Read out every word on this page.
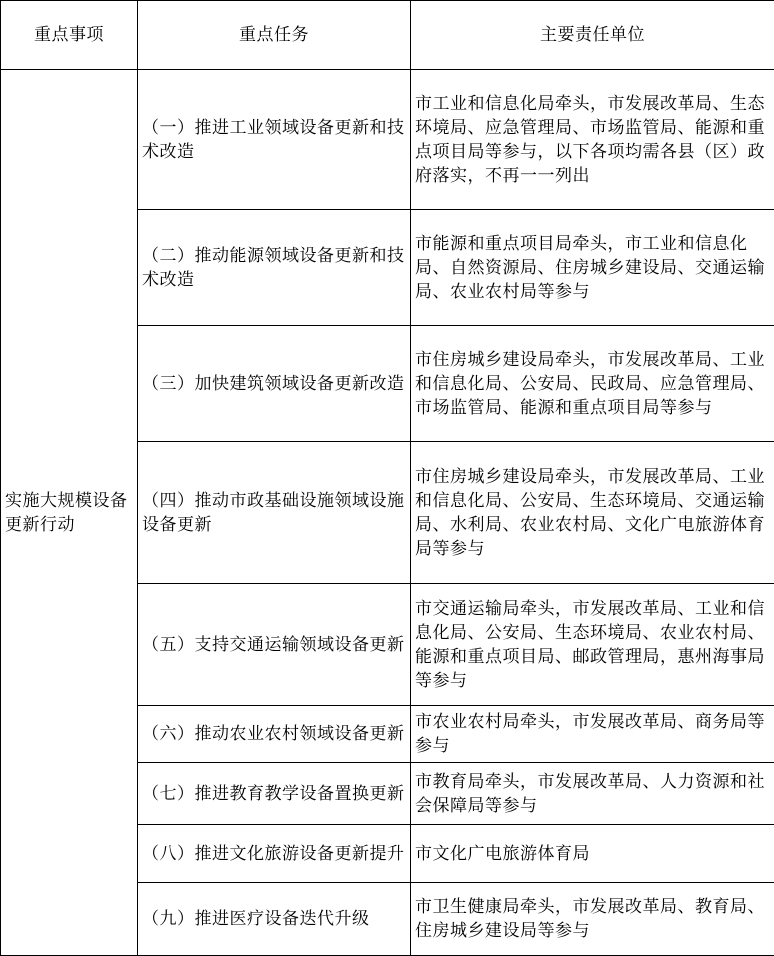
重点事项	重点任务	主要责任单位
实施大规模设备更新行动	（一）推进工业领域设备更新和技术改造	市工业和信息化局牵头，市发展改革局、生态环境局、应急管理局、市场监管局、能源和重点项目局等参与，以下各项均需各县（区）政府落实，不再一一列出
	（二）推动能源领域设备更新和技术改造	市能源和重点项目局牵头，市工业和信息化局、自然资源局、住房城乡建设局、交通运输局、农业农村局等参与
	（三）加快建筑领域设备更新改造	市住房城乡建设局牵头，市发展改革局、工业和信息化局、公安局、民政局、应急管理局、市场监管局、能源和重点项目局等参与
	（四）推动市政基础设施领域设施设备更新	市住房城乡建设局牵头，市发展改革局、工业和信息化局、公安局、生态环境局、交通运输局、水利局、农业农村局、文化广电旅游体育局等参与
	（五）支持交通运输领域设备更新	市交通运输局牵头，市发展改革局、工业和信息化局、公安局、生态环境局、农业农村局、能源和重点项目局、邮政管理局，惠州海事局等参与
	（六）推动农业农村领域设备更新	市农业农村局牵头，市发展改革局、商务局等参与
	（七）推进教育教学设备置换更新	市教育局牵头，市发展改革局、人力资源和社会保障局等参与
	（八）推进文化旅游设备更新提升	市文化广电旅游体育局
	（九）推进医疗设备迭代升级	市卫生健康局牵头，市发展改革局、教育局、住房城乡建设局等参与
